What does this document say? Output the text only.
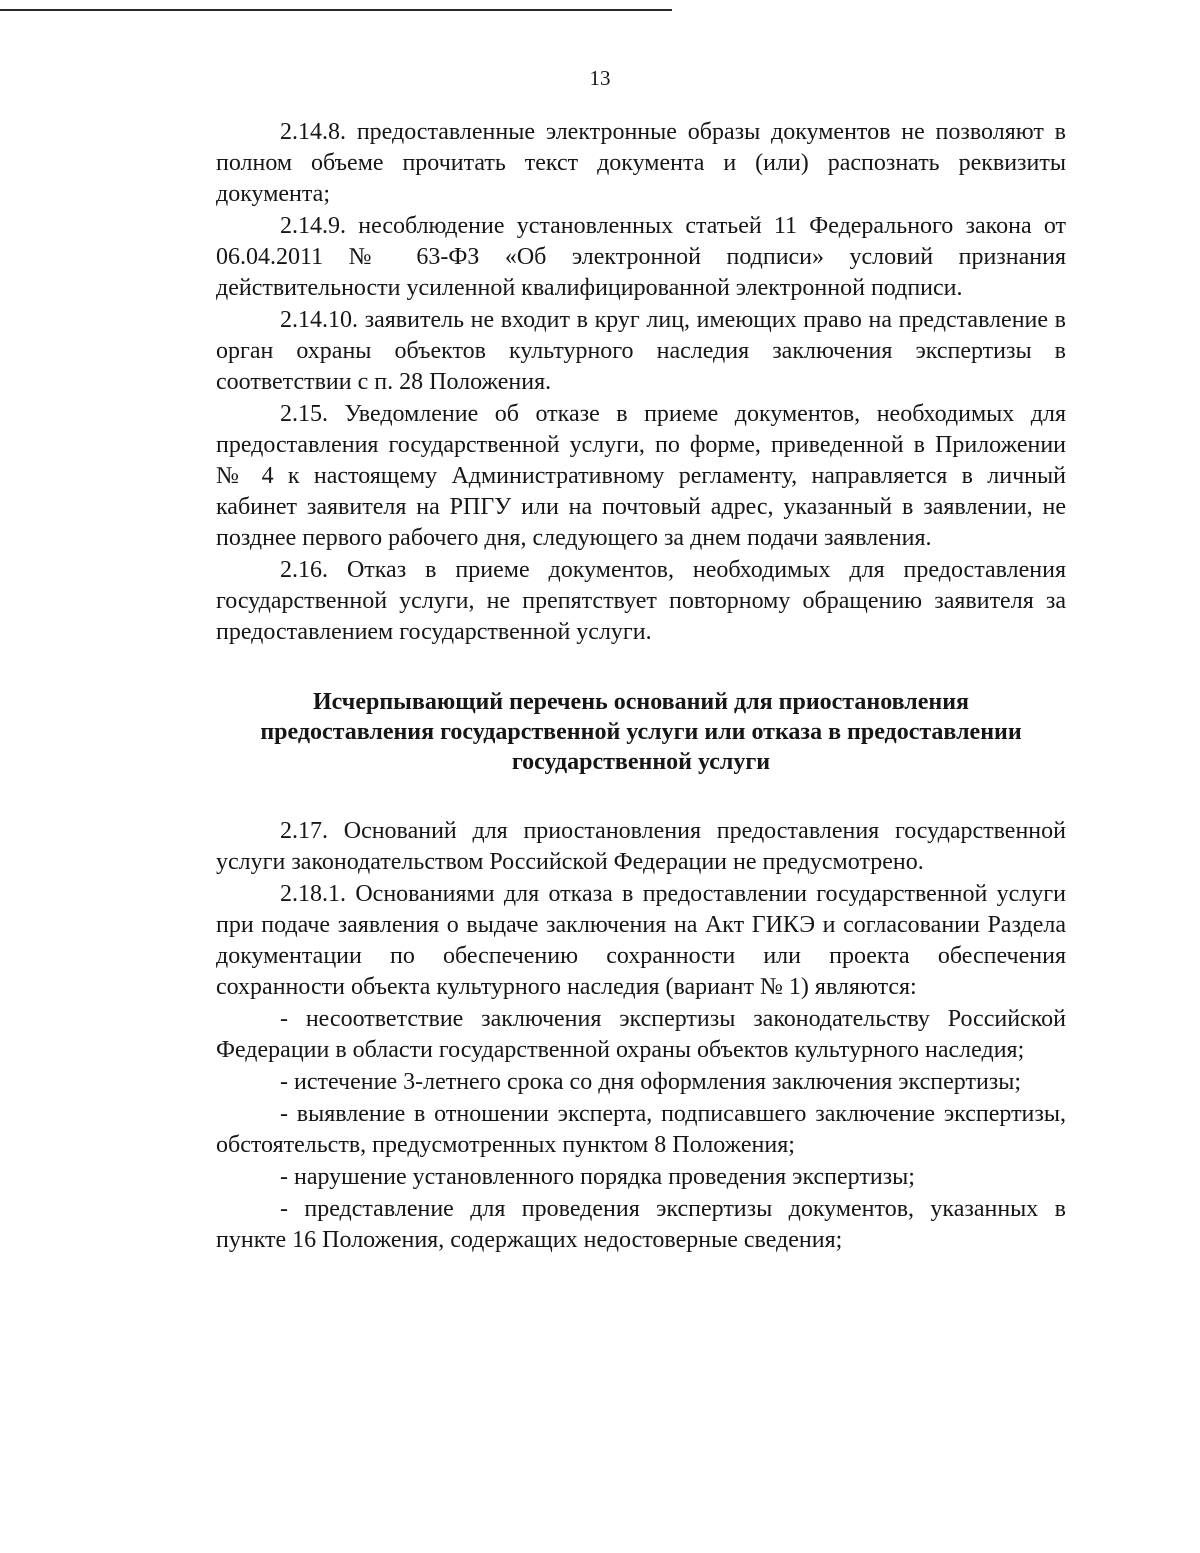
13

2.14.8. предоставленные электронные образы документов не позволяют в полном объеме прочитать текст документа и (или) распознать реквизиты документа;

2.14.9. несоблюдение установленных статьей 11 Федерального закона от 06.04.2011 № 63-ФЗ «Об электронной подписи» условий признания действительности усиленной квалифицированной электронной подписи.

2.14.10. заявитель не входит в круг лиц, имеющих право на представление в орган охраны объектов культурного наследия заключения экспертизы в соответствии с п. 28 Положения.

2.15. Уведомление об отказе в приеме документов, необходимых для предоставления государственной услуги, по форме, приведенной в Приложении № 4 к настоящему Административному регламенту, направляется в личный кабинет заявителя на РПГУ или на почтовый адрес, указанный в заявлении, не позднее первого рабочего дня, следующего за днем подачи заявления.

2.16. Отказ в приеме документов, необходимых для предоставления государственной услуги, не препятствует повторному обращению заявителя за предоставлением государственной услуги.

Исчерпывающий перечень оснований для приостановления
предоставления государственной услуги или отказа в предоставлении
государственной услуги

2.17. Оснований для приостановления предоставления государственной услуги законодательством Российской Федерации не предусмотрено.

2.18.1. Основаниями для отказа в предоставлении государственной услуги при подаче заявления о выдаче заключения на Акт ГИКЭ и согласовании Раздела документации по обеспечению сохранности или проекта обеспечения сохранности объекта культурного наследия (вариант № 1) являются:

- несоответствие заключения экспертизы законодательству Российской Федерации в области государственной охраны объектов культурного наследия;

- истечение 3-летнего срока со дня оформления заключения экспертизы;

- выявление в отношении эксперта, подписавшего заключение экспертизы, обстоятельств, предусмотренных пунктом 8 Положения;

- нарушение установленного порядка проведения экспертизы;

- представление для проведения экспертизы документов, указанных в пункте 16 Положения, содержащих недостоверные сведения;
